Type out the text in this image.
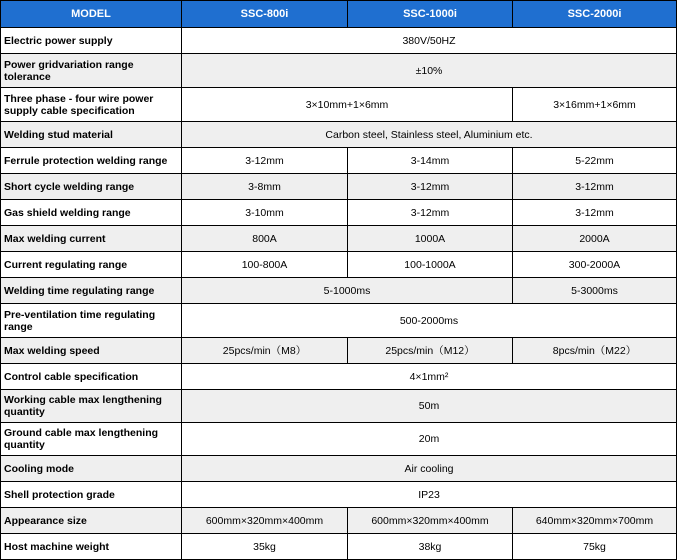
MODEL	SSC-800i	SSC-1000i	SSC-2000i
Electric power supply	380V/50HZ		
Power gridvariation range tolerance	±10%		
Three phase - four wire power supply cable specification	3×10mm+1×6mm		3×16mm+1×6mm
Welding stud material	Carbon steel, Stainless steel, Aluminium etc.		
Ferrule protection welding range	3-12mm	3-14mm	5-22mm
Short cycle welding range	3-8mm	3-12mm	3-12mm
Gas shield welding range	3-10mm	3-12mm	3-12mm
Max welding current	800A	1000A	2000A
Current regulating range	100-800A	100-1000A	300-2000A
Welding time regulating range	5-1000ms		5-3000ms
Pre-ventilation time regulating range	500-2000ms		
Max welding speed	25pcs/min（M8）	25pcs/min（M12）	8pcs/min（M22）
Control cable specification	4×1mm²		
Working cable max lengthening quantity	50m		
Ground cable max lengthening quantity	20m		
Cooling mode	Air cooling		
Shell protection grade	IP23		
Appearance size	600mm×320mm×400mm	600mm×320mm×400mm	640mm×320mm×700mm
Host machine weight	35kg	38kg	75kg
